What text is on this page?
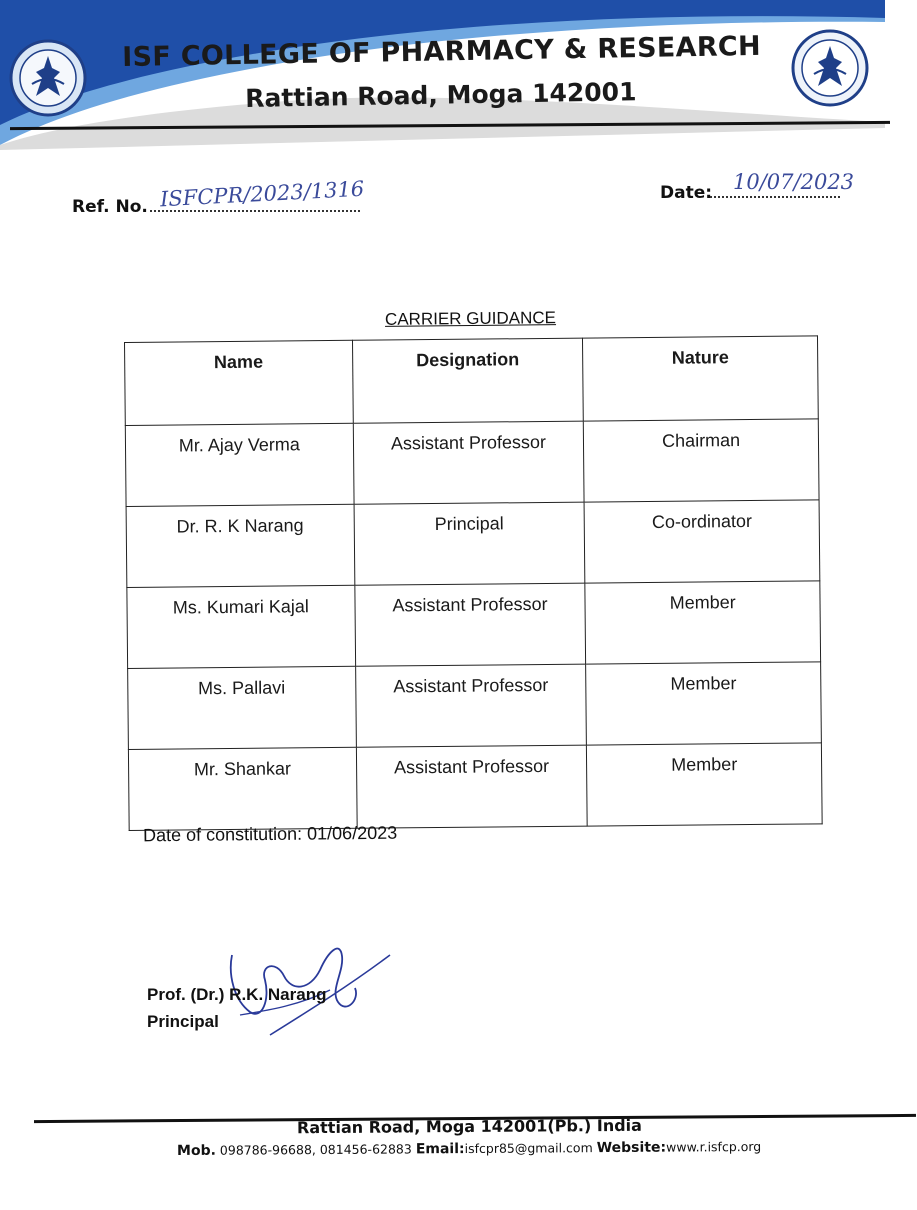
ISF COLLEGE OF PHARMACY & RESEARCH
Rattian Road, Moga 142001
Ref. No. ISFCPR/2023/1316	Date: 10/07/2023
CARRIER GUIDANCE
Name	Designation	Nature
Mr. Ajay Verma	Assistant Professor	Chairman
Dr. R. K Narang	Principal	Co-ordinator
Ms. Kumari Kajal	Assistant Professor	Member
Ms. Pallavi	Assistant Professor	Member
Mr. Shankar	Assistant Professor	Member
Date of constitution: 01/06/2023
Prof. (Dr.) R.K. Narang
Principal
Rattian Road, Moga 142001(Pb.) India
Mob. 098786-96688, 081456-62883 Email:isfcpr85@gmail.com Website:www.r.isfcp.org
